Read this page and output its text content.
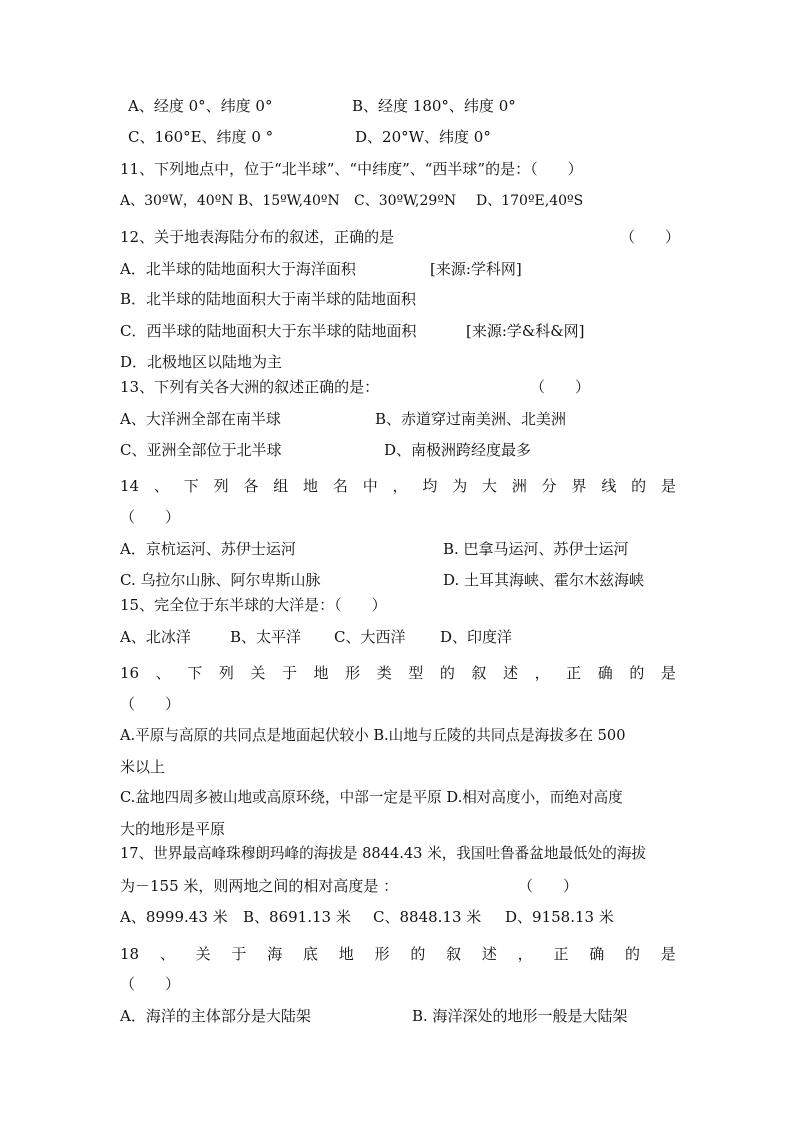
A、经度 0°、纬度 0°	B、经度 180°、纬度 0°
C、160°E、纬度 0 °	D、20°W、纬度 0°
11、下列地点中，位于“北半球”、“中纬度”、“西半球”的是：（　　）
A、30ºW，40ºN B、15ºW,40ºN C、30ºW,29ºN D、170ºE,40ºS
12、关于地表海陆分布的叙述，正确的是	（　　）
A．北半球的陆地面积大于海洋面积	[来源:学科网]
B．北半球的陆地面积大于南半球的陆地面积
C．西半球的陆地面积大于东半球的陆地面积	[来源:学&科&网]
D．北极地区以陆地为主
13、下列有关各大洲的叙述正确的是：	（　　）
A、大洋洲全部在南半球	B、赤道穿过南美洲、北美洲
C、亚洲全部位于北半球	D、南极洲跨经度最多
14 、 下 列 各 组 地 名 中 ， 均 为 大 洲 分 界 线 的 是
（　　）
A．京杭运河、苏伊士运河	B. 巴拿马运河、苏伊士运河
C. 乌拉尔山脉、阿尔卑斯山脉	D. 土耳其海峡、霍尔木兹海峡
15、完全位于东半球的大洋是：（　　）
A、北冰洋	B、太平洋 C、大西洋 D、印度洋
16 、 下 列 关 于 地 形 类 型 的 叙 述 ， 正 确 的 是
（　　）
A.平原与高原的共同点是地面起伏较小 B.山地与丘陵的共同点是海拔多在 500
米以上
C.盆地四周多被山地或高原环绕，中部一定是平原 D.相对高度小，而绝对高度
大的地形是平原
17、世界最高峰珠穆朗玛峰的海拔是 8844.43 米，我国吐鲁番盆地最低处的海拔
为－155 米，则两地之间的相对高度是 ：	（　　）
A、8999.43 米 B、8691.13 米 C、8848.13 米 D、9158.13 米
18 、 关 于 海 底 地 形 的 叙 述 ， 正 确 的 是
（　　）
A．海洋的主体部分是大陆架	B. 海洋深处的地形一般是大陆架
